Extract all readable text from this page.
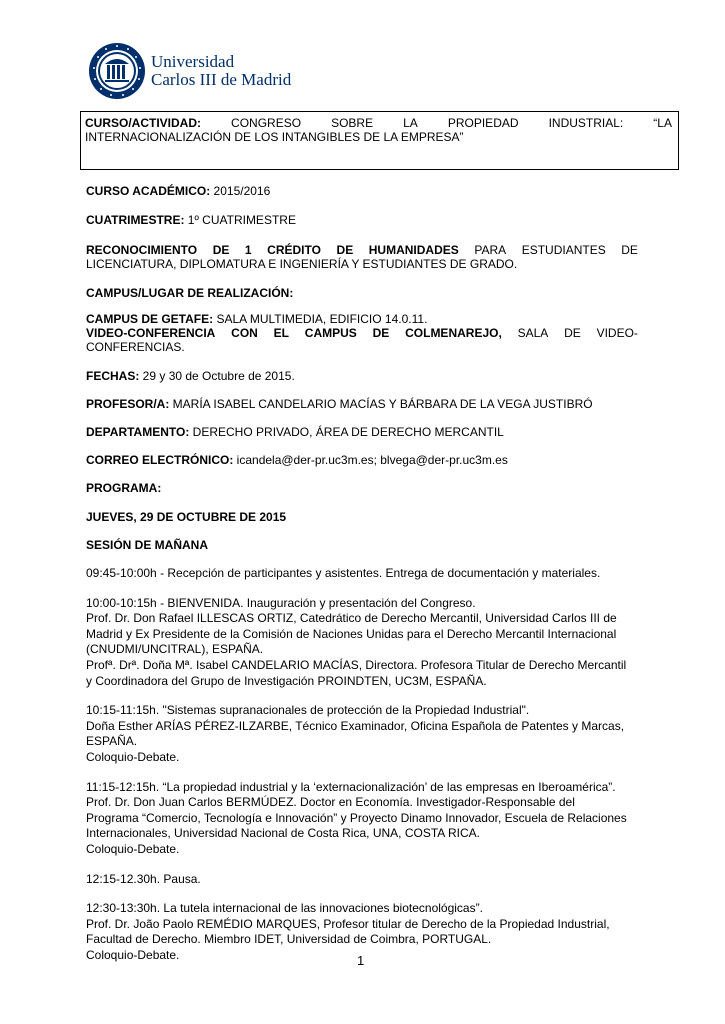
Universidad
Carlos III de Madrid
CURSO/ACTIVIDAD:	CONGRESO	SOBRE	LA	PROPIEDAD	INDUSTRIAL:	“LA
INTERNACIONALIZACIÓN DE LOS INTANGIBLES DE LA EMPRESA”
CURSO ACADÉMICO: 2015/2016
CUATRIMESTRE: 1º CUATRIMESTRE
RECONOCIMIENTO DE 1 CRÉDITO DE HUMANIDADES PARA ESTUDIANTES DE
LICENCIATURA, DIPLOMATURA E INGENIERÍA Y ESTUDIANTES DE GRADO.
CAMPUS/LUGAR DE REALIZACIÓN:
CAMPUS DE GETAFE: SALA MULTIMEDIA, EDIFICIO 14.0.11.
VIDEO-CONFERENCIA CON EL CAMPUS DE COLMENAREJO, SALA DE VIDEO-
CONFERENCIAS.
FECHAS: 29 y 30 de Octubre de 2015.
PROFESOR/A: MARÍA ISABEL CANDELARIO MACÍAS Y BÁRBARA DE LA VEGA JUSTIBRÓ
DEPARTAMENTO: DERECHO PRIVADO, ÁREA DE DERECHO MERCANTIL
CORREO ELECTRÓNICO: icandela@der-pr.uc3m.es; blvega@der-pr.uc3m.es
PROGRAMA:
JUEVES, 29 DE OCTUBRE DE 2015
SESIÓN DE MAÑANA
09:45-10:00h - Recepción de participantes y asistentes. Entrega de documentación y materiales.
10:00-10:15h - BIENVENIDA. Inauguración y presentación del Congreso.
Prof. Dr. Don Rafael ILLESCAS ORTIZ, Catedrático de Derecho Mercantil, Universidad Carlos III de
Madrid y Ex Presidente de la Comisión de Naciones Unidas para el Derecho Mercantil Internacional
(CNUDMI/UNCITRAL), ESPAÑA.
Profª. Drª. Doña Mª. Isabel CANDELARIO MACÍAS, Directora. Profesora Titular de Derecho Mercantil
y Coordinadora del Grupo de Investigación PROINDTEN, UC3M, ESPAÑA.
10:15-11:15h. "Sistemas supranacionales de protección de la Propiedad Industrial".
Doña Esther ARÍAS PÉREZ-ILZARBE, Técnico Examinador, Oficina Española de Patentes y Marcas,
ESPAÑA.
Coloquio-Debate.
11:15-12:15h. “La propiedad industrial y la ‘externacionalización’ de las empresas en Iberoamérica”.
Prof. Dr. Don Juan Carlos BERMÚDEZ. Doctor en Economía. Investigador-Responsable del
Programa “Comercio, Tecnología e Innovación” y Proyecto Dinamo Innovador, Escuela de Relaciones
Internacionales, Universidad Nacional de Costa Rica, UNA, COSTA RICA.
Coloquio-Debate.
12:15-12.30h. Pausa.
12:30-13:30h. La tutela internacional de las innovaciones biotecnológicas”.
Prof. Dr. João Paolo REMÉDIO MARQUES, Profesor titular de Derecho de la Propiedad Industrial,
Facultad de Derecho. Miembro IDET, Universidad de Coimbra, PORTUGAL.
Coloquio-Debate.	1
